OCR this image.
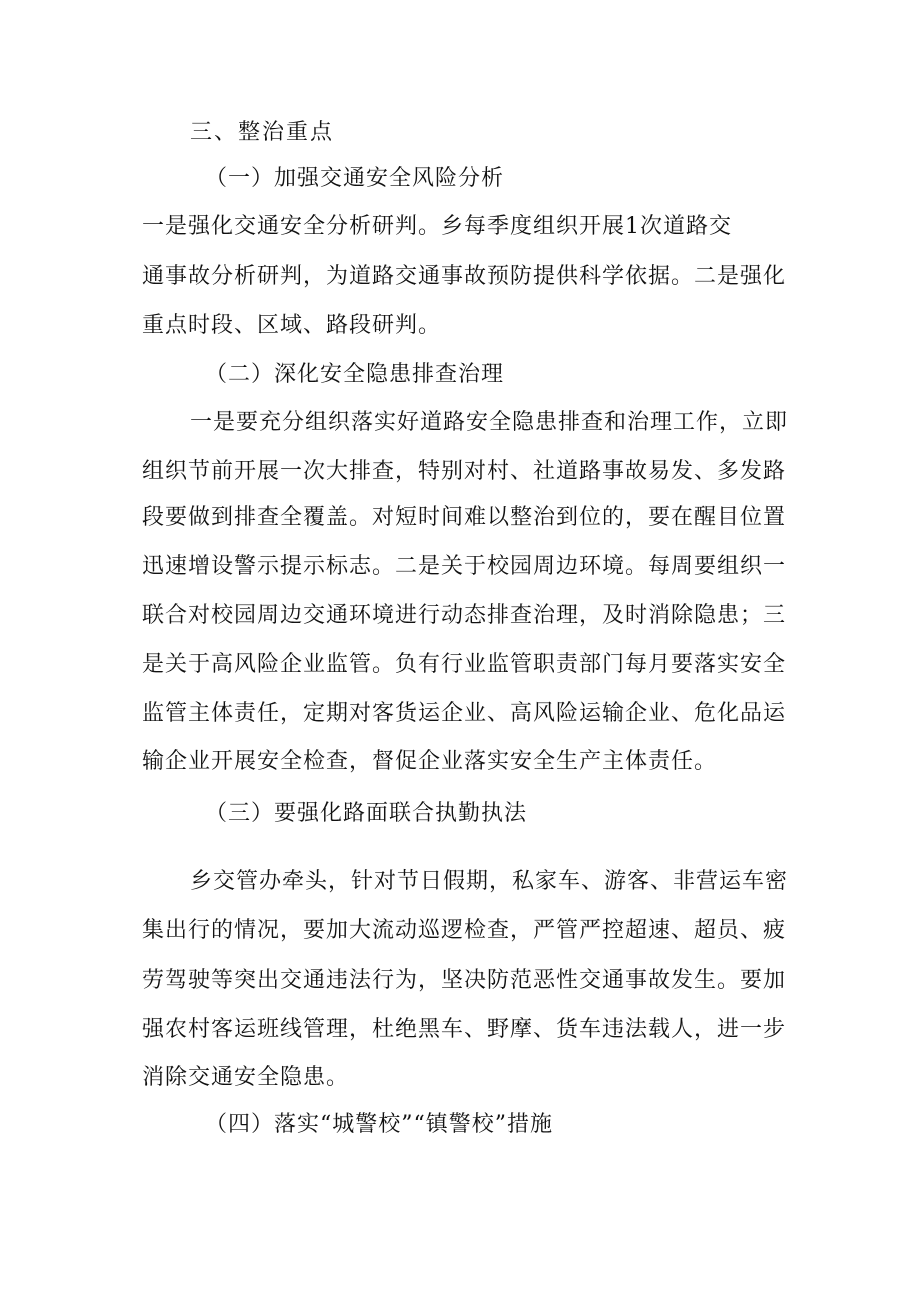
三、整治重点
（一）加强交通安全风险分析
一是强化交通安全分析研判。乡每季度组织开展1次道路交
通事故分析研判，为道路交通事故预防提供科学依据。二是强化
重点时段、区域、路段研判。
（二）深化安全隐患排查治理
一是要充分组织落实好道路安全隐患排查和治理工作，立即
组织节前开展一次大排查，特别对村、社道路事故易发、多发路
段要做到排查全覆盖。对短时间难以整治到位的，要在醒目位置
迅速增设警示提示标志。二是关于校园周边环境。每周要组织一
联合对校园周边交通环境进行动态排查治理，及时消除隐患；三
是关于高风险企业监管。负有行业监管职责部门每月要落实安全
监管主体责任，定期对客货运企业、高风险运输企业、危化品运
输企业开展安全检查，督促企业落实安全生产主体责任。
（三）要强化路面联合执勤执法
乡交管办牵头，针对节日假期，私家车、游客、非营运车密
集出行的情况，要加大流动巡逻检查，严管严控超速、超员、疲
劳驾驶等突出交通违法行为，坚决防范恶性交通事故发生。要加
强农村客运班线管理，杜绝黑车、野摩、货车违法载人，进一步
消除交通安全隐患。
（四）落实“城警校”“镇警校”措施
